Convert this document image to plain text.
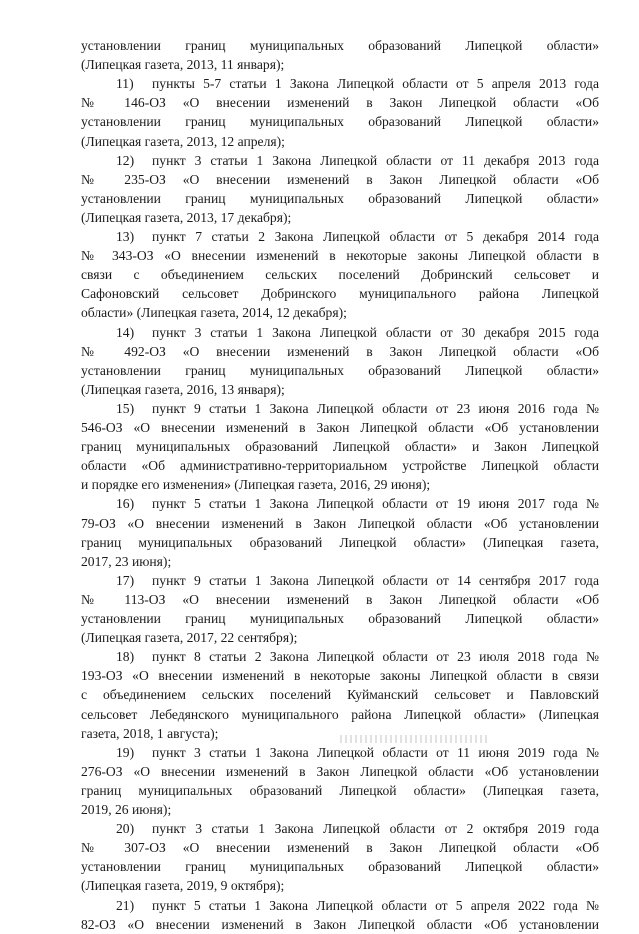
установлении границ муниципальных образований Липецкой области»
(Липецкая газета, 2013, 11 января);
11) пункты 5-7 статьи 1 Закона Липецкой области от 5 апреля 2013 года
№ 146-ОЗ «О внесении изменений в Закон Липецкой области «Об
установлении границ муниципальных образований Липецкой области»
(Липецкая газета, 2013, 12 апреля);
12) пункт 3 статьи 1 Закона Липецкой области от 11 декабря 2013 года
№ 235-ОЗ «О внесении изменений в Закон Липецкой области «Об
установлении границ муниципальных образований Липецкой области»
(Липецкая газета, 2013, 17 декабря);
13) пункт 7 статьи 2 Закона Липецкой области от 5 декабря 2014 года
№ 343-ОЗ «О внесении изменений в некоторые законы Липецкой области в
связи с объединением сельских поселений Добринский сельсовет и
Сафоновский сельсовет Добринского муниципального района Липецкой
области» (Липецкая газета, 2014, 12 декабря);
14) пункт 3 статьи 1 Закона Липецкой области от 30 декабря 2015 года
№ 492-ОЗ «О внесении изменений в Закон Липецкой области «Об
установлении границ муниципальных образований Липецкой области»
(Липецкая газета, 2016, 13 января);
15) пункт 9 статьи 1 Закона Липецкой области от 23 июня 2016 года №
546-ОЗ «О внесении изменений в Закон Липецкой области «Об установлении
границ муниципальных образований Липецкой области» и Закон Липецкой
области «Об административно-территориальном устройстве Липецкой области
и порядке его изменения» (Липецкая газета, 2016, 29 июня);
16) пункт 5 статьи 1 Закона Липецкой области от 19 июня 2017 года №
79-ОЗ «О внесении изменений в Закон Липецкой области «Об установлении
границ муниципальных образований Липецкой области» (Липецкая газета,
2017, 23 июня);
17) пункт 9 статьи 1 Закона Липецкой области от 14 сентября 2017 года
№ 113-ОЗ «О внесении изменений в Закон Липецкой области «Об
установлении границ муниципальных образований Липецкой области»
(Липецкая газета, 2017, 22 сентября);
18) пункт 8 статьи 2 Закона Липецкой области от 23 июля 2018 года №
193-ОЗ «О внесении изменений в некоторые законы Липецкой области в связи
с объединением сельских поселений Куйманский сельсовет и Павловский
сельсовет Лебедянского муниципального района Липецкой области» (Липецкая
газета, 2018, 1 августа);
19) пункт 3 статьи 1 Закона Липецкой области от 11 июня 2019 года №
276-ОЗ «О внесении изменений в Закон Липецкой области «Об установлении
границ муниципальных образований Липецкой области» (Липецкая газета,
2019, 26 июня);
20) пункт 3 статьи 1 Закона Липецкой области от 2 октября 2019 года
№ 307-ОЗ «О внесении изменений в Закон Липецкой области «Об
установлении границ муниципальных образований Липецкой области»
(Липецкая газета, 2019, 9 октября);
21) пункт 5 статьи 1 Закона Липецкой области от 5 апреля 2022 года №
82-ОЗ «О внесении изменений в Закон Липецкой области «Об установлении
